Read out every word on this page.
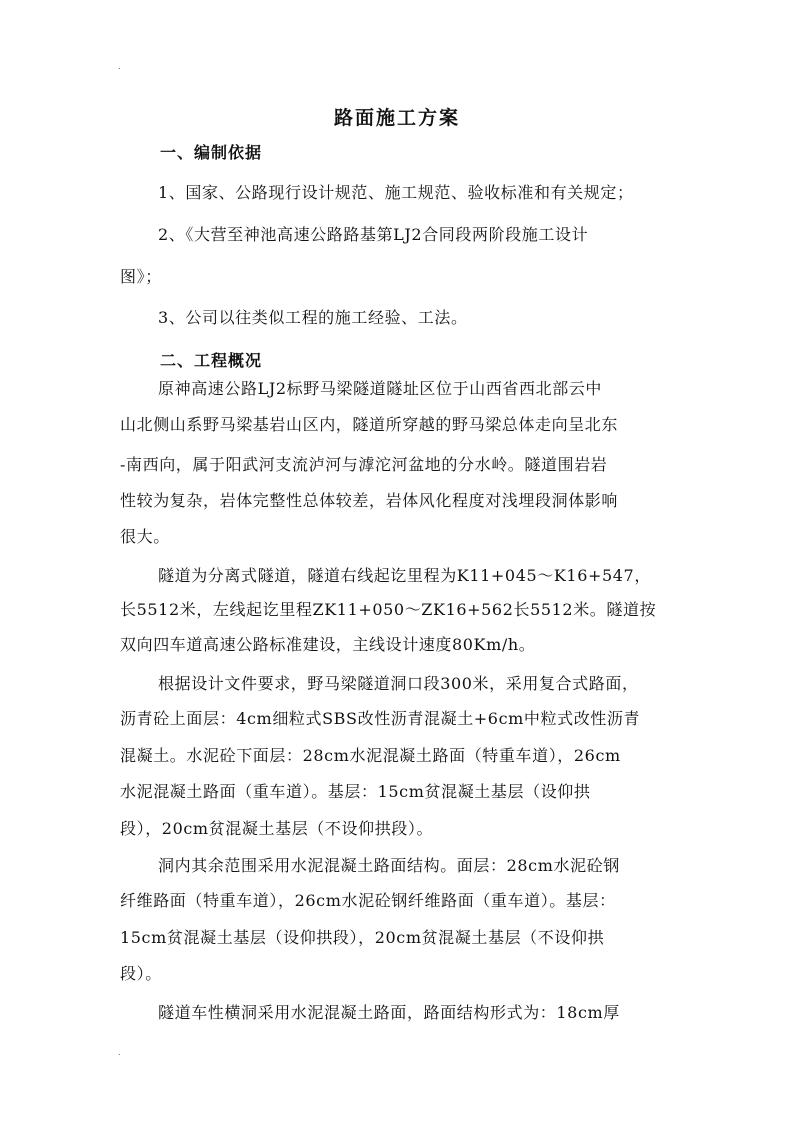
.
路面施工方案
一、编制依据
1、国家、公路现行设计规范、施工规范、验收标准和有关规定；
2、《大营至神池高速公路路基第LJ2合同段两阶段施工设计
图》；
3、公司以往类似工程的施工经验、工法。
二、工程概况
原神高速公路LJ2标野马梁隧道隧址区位于山西省西北部云中
山北侧山系野马梁基岩山区内，隧道所穿越的野马梁总体走向呈北东
-南西向，属于阳武河支流泸河与滹沱河盆地的分水岭。隧道围岩岩
性较为复杂，岩体完整性总体较差，岩体风化程度对浅埋段洞体影响
很大。
隧道为分离式隧道，隧道右线起讫里程为K11+045～K16+547，
长5512米，左线起讫里程ZK11+050～ZK16+562长5512米。隧道按
双向四车道高速公路标准建设，主线设计速度80Km/h。
根据设计文件要求，野马梁隧道洞口段300米，采用复合式路面，
沥青砼上面层：4cm细粒式SBS改性沥青混凝土+6cm中粒式改性沥青
混凝土。水泥砼下面层：28cm水泥混凝土路面（特重车道），26cm
水泥混凝土路面（重车道）。基层：15cm贫混凝土基层（设仰拱
段），20cm贫混凝土基层（不设仰拱段）。
洞内其余范围采用水泥混凝土路面结构。面层：28cm水泥砼钢
纤维路面（特重车道），26cm水泥砼钢纤维路面（重车道）。基层：
15cm贫混凝土基层（设仰拱段），20cm贫混凝土基层（不设仰拱
段）。
隧道车性横洞采用水泥混凝土路面，路面结构形式为：18cm厚
.
